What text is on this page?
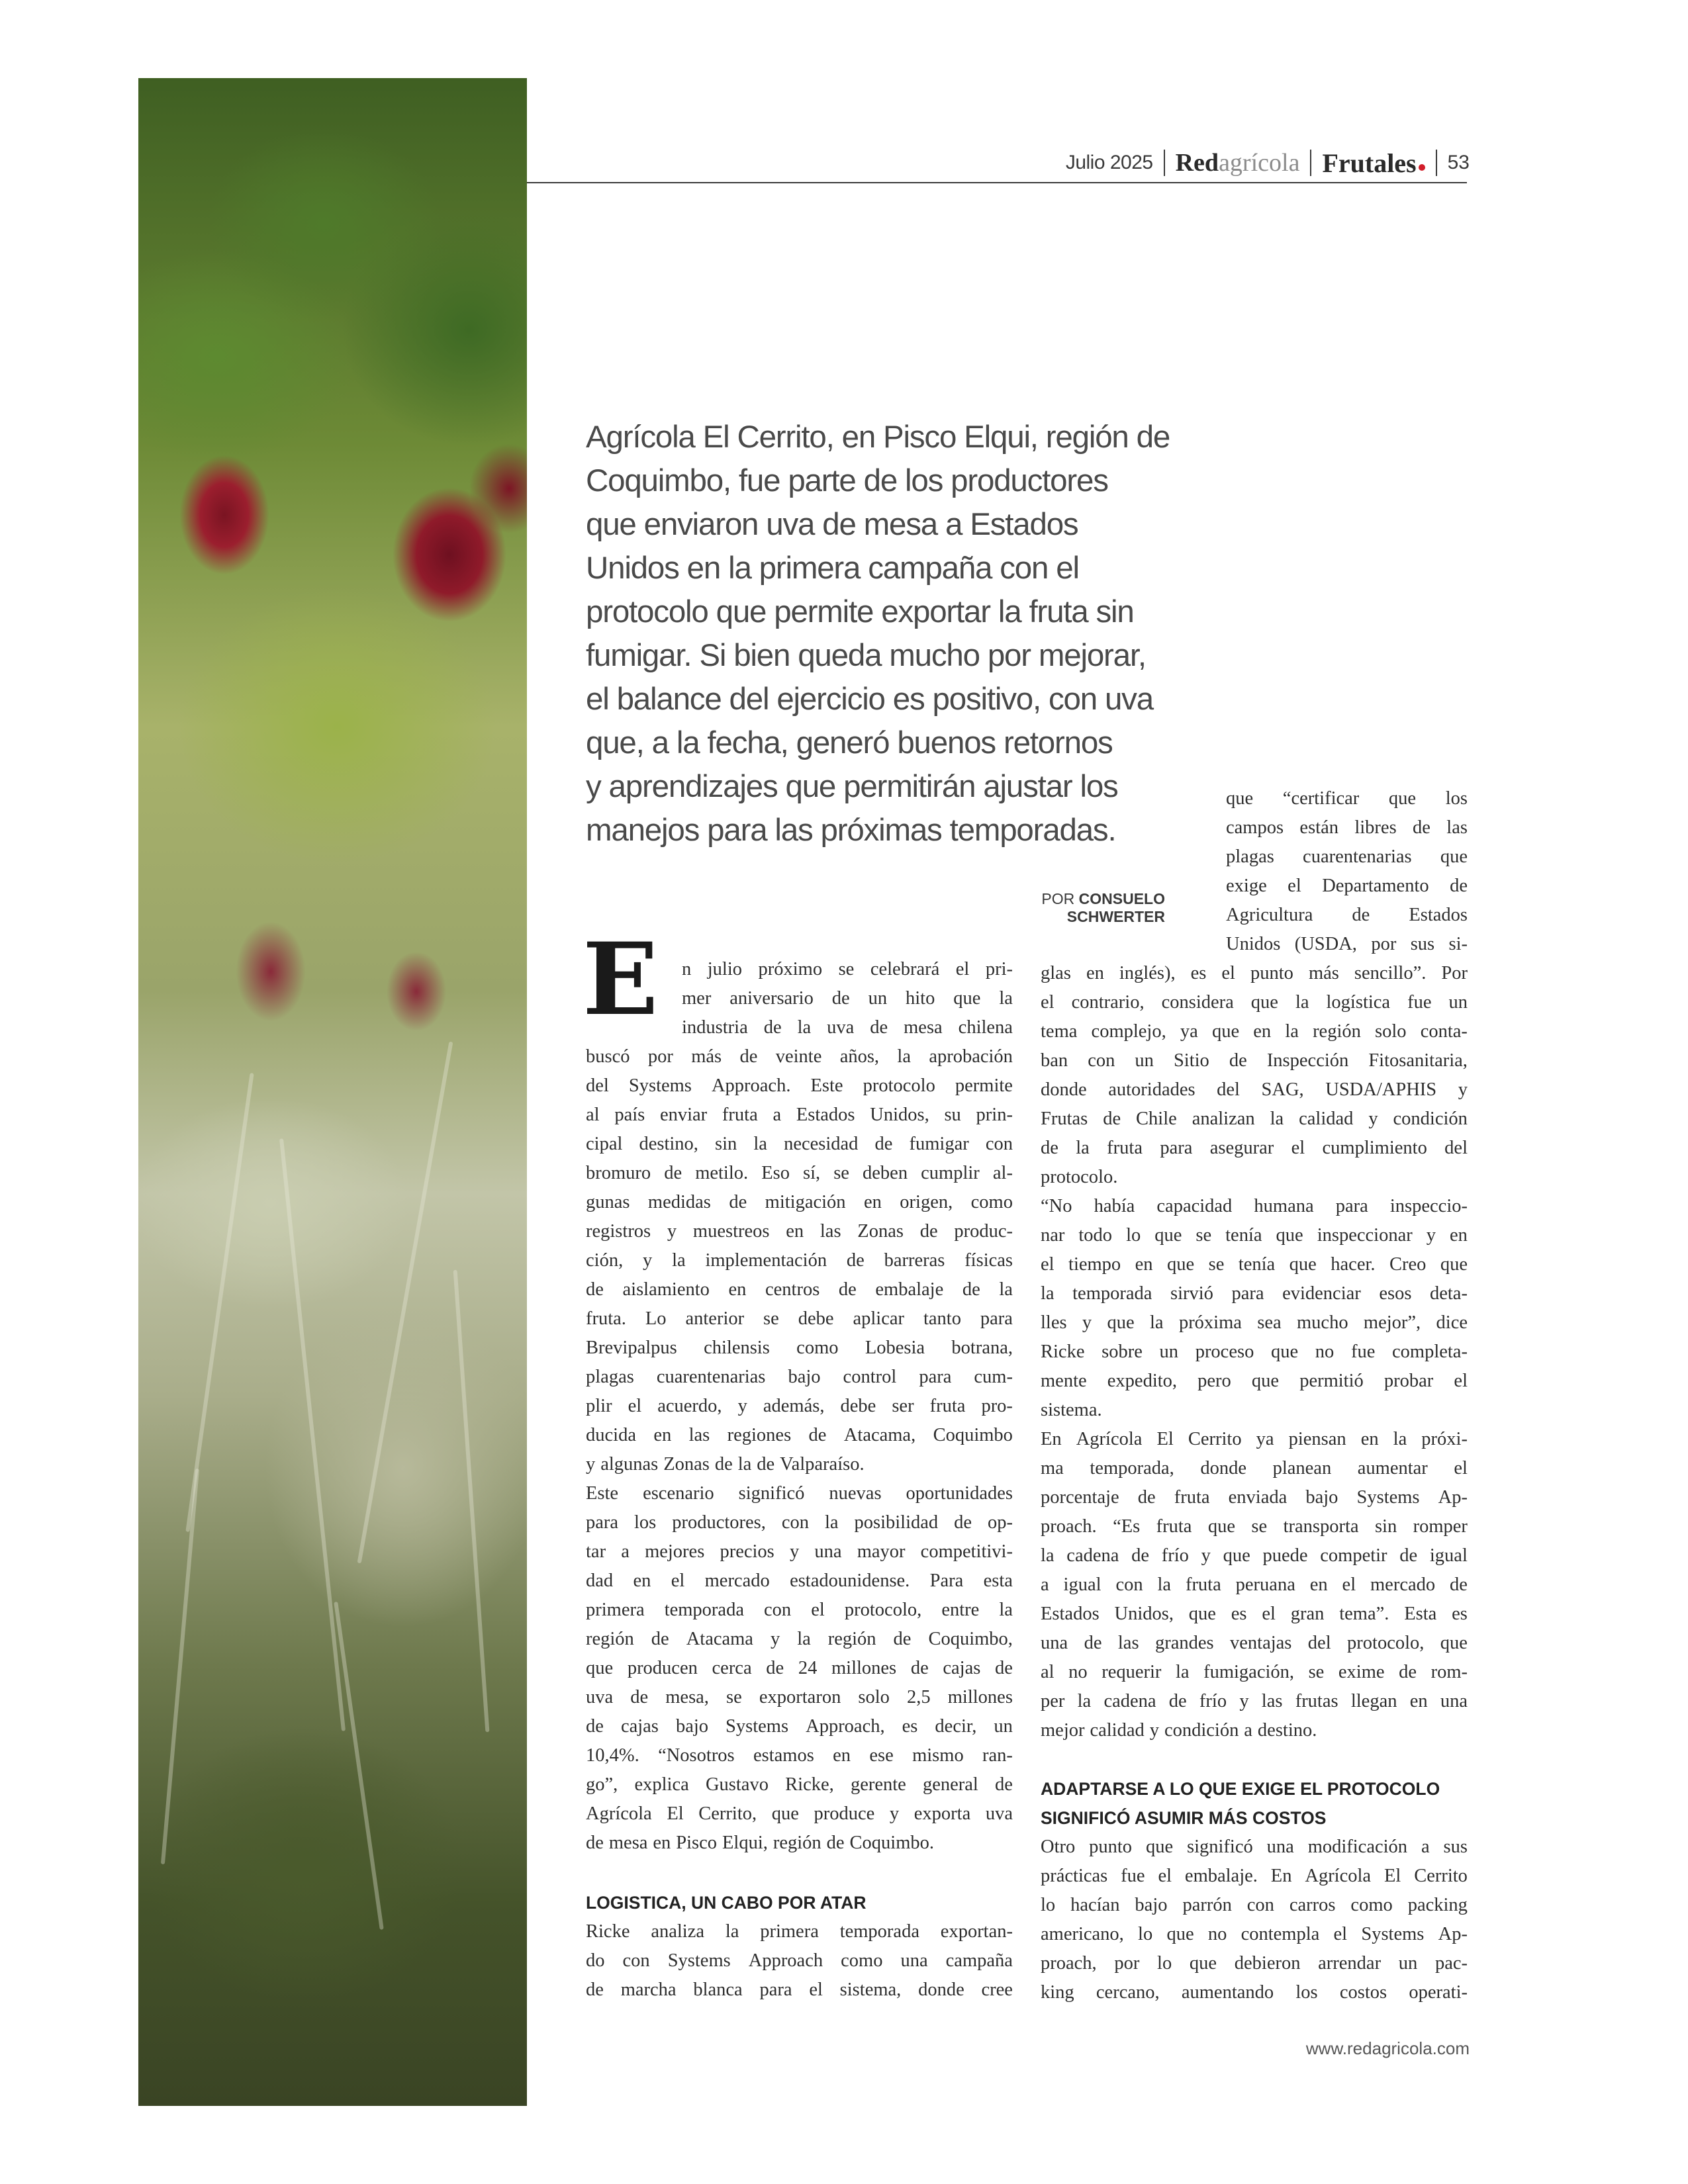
Julio 2025 Redagrícola Frutales	53
Agrícola El Cerrito, en Pisco Elqui, región de
Coquimbo, fue parte de los productores
que enviaron uva de mesa a Estados
Unidos en la primera campaña con el
protocolo que permite exportar la fruta sin
fumigar. Si bien queda mucho por mejorar,
el balance del ejercicio es positivo, con uva
que, a la fecha, generó buenos retornos
y aprendizajes que permitirán ajustar los
manejos para las próximas temporadas.
POR CONSUELO SCHWERTER
E n julio próximo se celebrará el pri-
mer aniversario de un hito que la
industria de la uva de mesa chilena
buscó por más de veinte años, la aprobación
del Systems Approach. Este protocolo permite
al país enviar fruta a Estados Unidos, su prin-
cipal destino, sin la necesidad de fumigar con
bromuro de metilo. Eso sí, se deben cumplir al-
gunas medidas de mitigación en origen, como
registros y muestreos en las Zonas de produc-
ción, y la implementación de barreras físicas
de aislamiento en centros de embalaje de la
fruta. Lo anterior se debe aplicar tanto para
Brevipalpus chilensis como Lobesia botrana,
plagas cuarentenarias bajo control para cum-
plir el acuerdo, y además, debe ser fruta pro-
ducida en las regiones de Atacama, Coquimbo
y algunas Zonas de la de Valparaíso.
Este escenario significó nuevas oportunidades
para los productores, con la posibilidad de op-
tar a mejores precios y una mayor competitivi-
dad en el mercado estadounidense. Para esta
primera temporada con el protocolo, entre la
región de Atacama y la región de Coquimbo,
que producen cerca de 24 millones de cajas de
uva de mesa, se exportaron solo 2,5 millones
de cajas bajo Systems Approach, es decir, un
10,4%. “Nosotros estamos en ese mismo ran-
go”, explica Gustavo Ricke, gerente general de
Agrícola El Cerrito, que produce y exporta uva
de mesa en Pisco Elqui, región de Coquimbo.
LOGISTICA, UN CABO POR ATAR
Ricke analiza la primera temporada exportan-
do con Systems Approach como una campaña
de marcha blanca para el sistema, donde cree
que “certificar que los
campos están libres de las
plagas cuarentenarias que
exige el Departamento de
Agricultura de Estados
Unidos (USDA, por sus si-
glas en inglés), es el punto más sencillo”. Por
el contrario, considera que la logística fue un
tema complejo, ya que en la región solo conta-
ban con un Sitio de Inspección Fitosanitaria,
donde autoridades del SAG, USDA/APHIS y
Frutas de Chile analizan la calidad y condición
de la fruta para asegurar el cumplimiento del
protocolo.
“No había capacidad humana para inspeccio-
nar todo lo que se tenía que inspeccionar y en
el tiempo en que se tenía que hacer. Creo que
la temporada sirvió para evidenciar esos deta-
lles y que la próxima sea mucho mejor”, dice
Ricke sobre un proceso que no fue completa-
mente expedito, pero que permitió probar el
sistema.
En Agrícola El Cerrito ya piensan en la próxi-
ma temporada, donde planean aumentar el
porcentaje de fruta enviada bajo Systems Ap-
proach. “Es fruta que se transporta sin romper
la cadena de frío y que puede competir de igual
a igual con la fruta peruana en el mercado de
Estados Unidos, que es el gran tema”. Esta es
una de las grandes ventajas del protocolo, que
al no requerir la fumigación, se exime de rom-
per la cadena de frío y las frutas llegan en una
mejor calidad y condición a destino.
ADAPTARSE A LO QUE EXIGE EL PROTOCOLO
SIGNIFICÓ ASUMIR MÁS COSTOS
Otro punto que significó una modificación a sus
prácticas fue el embalaje. En Agrícola El Cerrito
lo hacían bajo parrón con carros como packing
americano, lo que no contempla el Systems Ap-
proach, por lo que debieron arrendar un pac-
king cercano, aumentando los costos operati-
www.redagricola.com
